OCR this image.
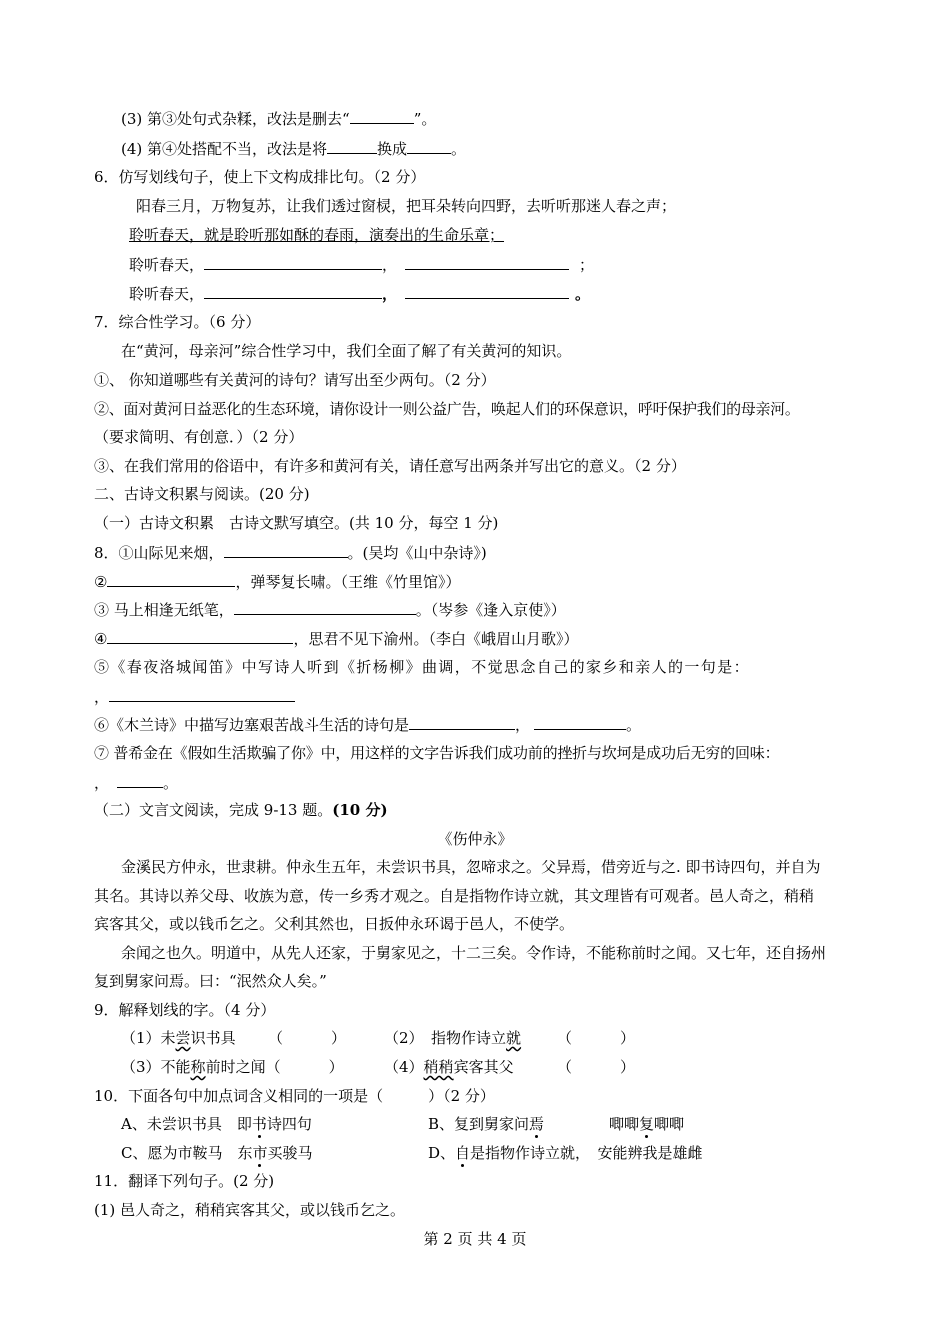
(3) 第③处句式杂糅，改法是删去“	”。
(4) 第④处搭配不当，改法是将	换成	。
6．仿写划线句子，使上下文构成排比句。（2 分）
阳春三月，万物复苏，让我们透过窗棂，把耳朵转向四野，去听听那迷人春之声；
聆听春天，就是聆听那如酥的春雨，演奏出的生命乐章；
聆听春天，	，	；
聆听春天，	，	。
7．综合性学习。（6 分）
在“黄河，母亲河”综合性学习中，我们全面了解了有关黄河的知识。
①、 你知道哪些有关黄河的诗句？请写出至少两句。（2 分）
②、面对黄河日益恶化的生态环境，请你设计一则公益广告，唤起人们的环保意识，呼吁保护我们的母亲河。
（要求简明、有创意．）（2 分）
③、在我们常用的俗语中，有许多和黄河有关，请任意写出两条并写出它的意义。（2 分）
二、古诗文积累与阅读。(20 分)
（一）古诗文积累　古诗文默写填空。(共 10 分，每空 1 分)
8．①山际见来烟，	。(吴均《山中杂诗》)
②	，弹琴复长啸。（王维《竹里馆》）
③ 马上相逢无纸笔，	。（岑参《逢入京使》）
④	，思君不见下渝州。（李白《峨眉山月歌》）
⑤《春夜洛城闻笛》中写诗人听到《折杨柳》曲调，不觉思念自己的家乡和亲人的一句是：
，
⑥《木兰诗》中描写边塞艰苦战斗生活的诗句是	，	。
⑦ 普希金在《假如生活欺骗了你》中，用这样的文字告诉我们成功前的挫折与坎坷是成功后无穷的回味：
，	。
（二）文言文阅读，完成 9-13 题。(10 分)
《伤仲永》
金溪民方仲永，世隶耕。仲永生五年，未尝识书具，忽啼求之。父异焉，借旁近与之. 即书诗四句，并自为
其名。其诗以养父母、收族为意，传一乡秀才观之。自是指物作诗立就，其文理皆有可观者。邑人奇之，稍稍
宾客其父，或以钱币乞之。父利其然也，日扳仲永环谒于邑人，不使学。
余闻之也久。明道中，从先人还家，于舅家见之，十二三矣。令作诗，不能称前时之闻。又七年，还自扬州
复到舅家问焉。曰：“泯然众人矣。”
9．解释划线的字。（4 分）
（1）未尝识书具 （	）	（2）　指物作诗立就 （	）
（3）不能称前时之闻（	）	（4）稍稍宾客其父	（	）
10．下面各句中加点词含义相同的一项是（　　　）（2 分）
A、未尝识书具　即书诗四句	B、复到舅家问焉	唧唧复唧唧
C、愿为市鞍马　东市买骏马	D、自是指物作诗立就，　安能辨我是雄雌
11．翻译下列句子。(2 分)
(1) 邑人奇之，稍稍宾客其父，或以钱币乞之。
第 2 页 共 4 页
